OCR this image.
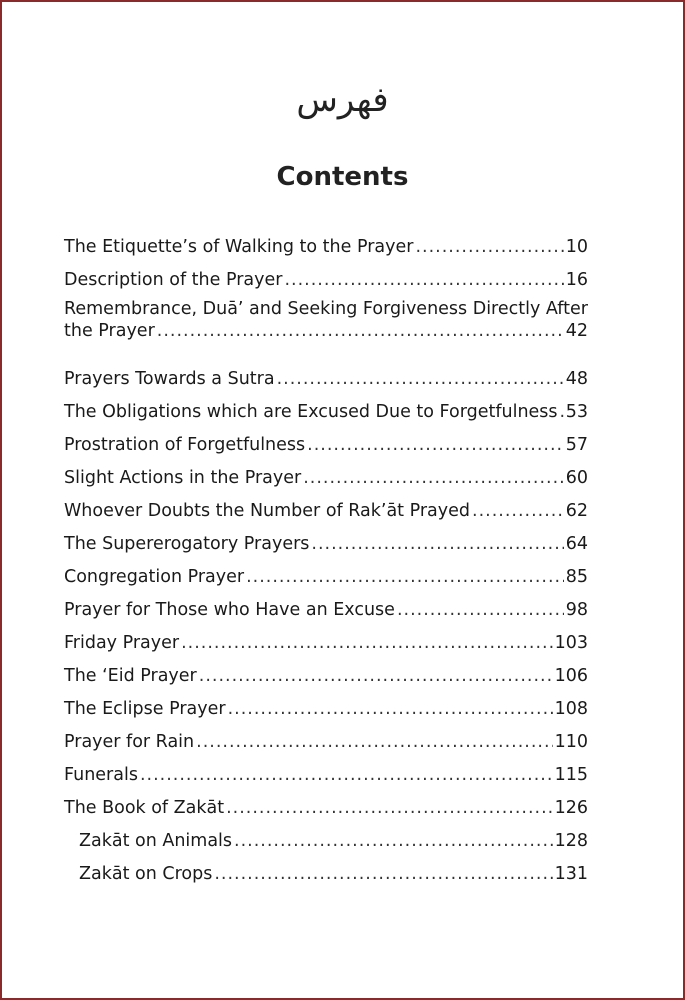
فهرس
Contents
The Etiquette’s of Walking to the Prayer .....	10
Description of the Prayer .....	16
Remembrance, Duā’ and Seeking Forgiveness Directly After
the Prayer .....	42
Prayers Towards a Sutra .....	48
The Obligations which are Excused Due to Forgetfulness ..... 53
Prostration of Forgetfulness .....	57
Slight Actions in the Prayer .....	60
Whoever Doubts the Number of Rak’āt Prayed .....	62
The Supererogatory Prayers .....	64
Congregation Prayer .....	85
Prayer for Those who Have an Excuse .....	98
Friday Prayer .....	103
The ‘Eid Prayer .....	106
The Eclipse Prayer .....	108
Prayer for Rain .....	110
Funerals .....	115
The Book of Zakāt .....	126
Zakāt on Animals .....	128
Zakāt on Crops .....	131
